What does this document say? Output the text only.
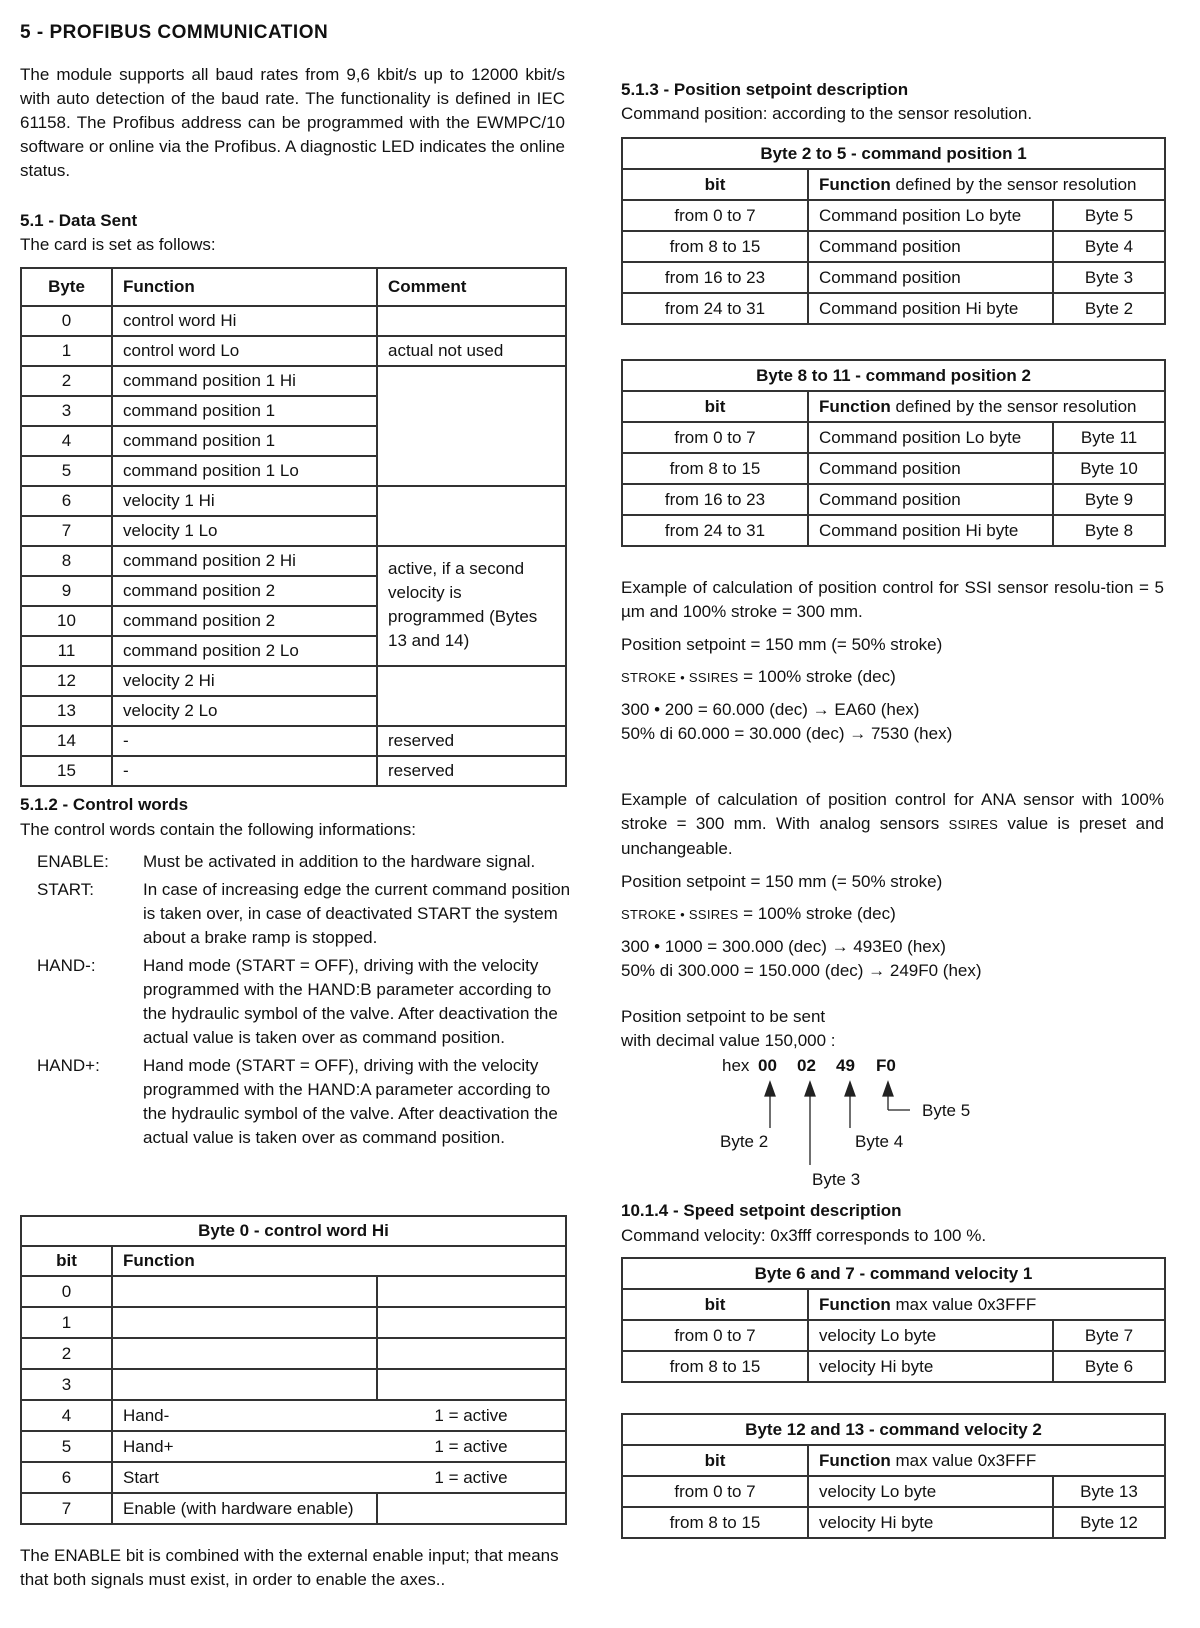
5 - PROFIBUS COMMUNICATION
The module supports all baud rates from 9,6 kbit/s up to 12000 kbit/s with auto detection of the baud rate. The functionality is defined in IEC 61158. The Profibus address can be programmed with the EWMPC/10 software or online via the Profibus. A diagnostic LED indicates the online status.
5.1 - Data Sent
The card is set as follows:
Byte	Function	Comment
0	control word Hi	
1	control word Lo	actual not used
2	command position 1 Hi	
3	command position 1	
4	command position 1	
5	command position 1 Lo	
6	velocity 1 Hi	
7	velocity 1 Lo	
8	command position 2 Hi	active, if a second velocity is programmed (Bytes 13 and 14)
9	command position 2	
10	command position 2	
11	command position 2 Lo	
12	velocity 2 Hi	
13	velocity 2 Lo	
14	-	reserved
15	-	reserved
5.1.2 - Control words
The control words contain the following informations:
ENABLE:	Must be activated in addition to the hardware signal.
START:	In case of increasing edge the current command position is taken over, in case of deactivated START the system about a brake ramp is stopped.
HAND-:	Hand mode (START = OFF), driving with the velocity programmed with the HAND:B parameter according to the hydraulic symbol of the valve. After deactivation the actual value is taken over as command position.
HAND+:	Hand mode (START = OFF), driving with the velocity programmed with the HAND:A parameter according to the hydraulic symbol of the valve. After deactivation the actual value is taken over as command position.
Byte 0 - control word Hi		
bit	Function	
0		
1		
2		
3		
4	Hand-	1 = active
5	Hand+	1 = active
6	Start	1 = active
7	Enable (with hardware enable)	
The ENABLE bit is combined with the external enable input; that means that both signals must exist, in order to enable the axes..
5.1.3 - Position setpoint description
Command position: according to the sensor resolution.
Byte 2 to 5 - command position 1		
bit	Function defined by the sensor resolution	
from 0 to 7	Command position Lo byte	Byte 5
from 8 to 15	Command position	Byte 4
from 16 to 23	Command position	Byte 3
from 24 to 31	Command position Hi byte	Byte 2
Byte 8 to 11 - command position 2		
bit	Function defined by the sensor resolution	
from 0 to 7	Command position Lo byte	Byte 11
from 8 to 15	Command position	Byte 10
from 16 to 23	Command position	Byte 9
from 24 to 31	Command position Hi byte	Byte 8
Example of calculation of position control for SSI sensor resolu-tion = 5 µm and 100% stroke = 300 mm.
Position setpoint = 150 mm (= 50% stroke)
STROKE • SSIRES = 100% stroke (dec)
300 • 200 = 60.000 (dec) → EA60 (hex)
50% di 60.000 = 30.000 (dec) → 7530 (hex)
Example of calculation of position control for ANA sensor with 100% stroke = 300 mm. With analog sensors SSIRES value is preset and unchangeable.
Position setpoint = 150 mm (= 50% stroke)
STROKE • SSIRES = 100% stroke (dec)
300 • 1000 = 300.000 (dec) → 493E0 (hex)
50% di 300.000 = 150.000 (dec) → 249F0 (hex)
Position setpoint to be sent
with decimal value 150,000 :
hex 00 02 49 F0
Byte 2
Byte 3
Byte 4
Byte 5
10.1.4 - Speed setpoint description
Command velocity: 0x3fff corresponds to 100 %.
Byte 6 and 7 - command velocity 1		
bit	Function max value 0x3FFF	
from 0 to 7	velocity Lo byte	Byte 7
from 8 to 15	velocity Hi byte	Byte 6
Byte 12 and 13 - command velocity 2		
bit	Function max value 0x3FFF	
from 0 to 7	velocity Lo byte	Byte 13
from 8 to 15	velocity Hi byte	Byte 12
